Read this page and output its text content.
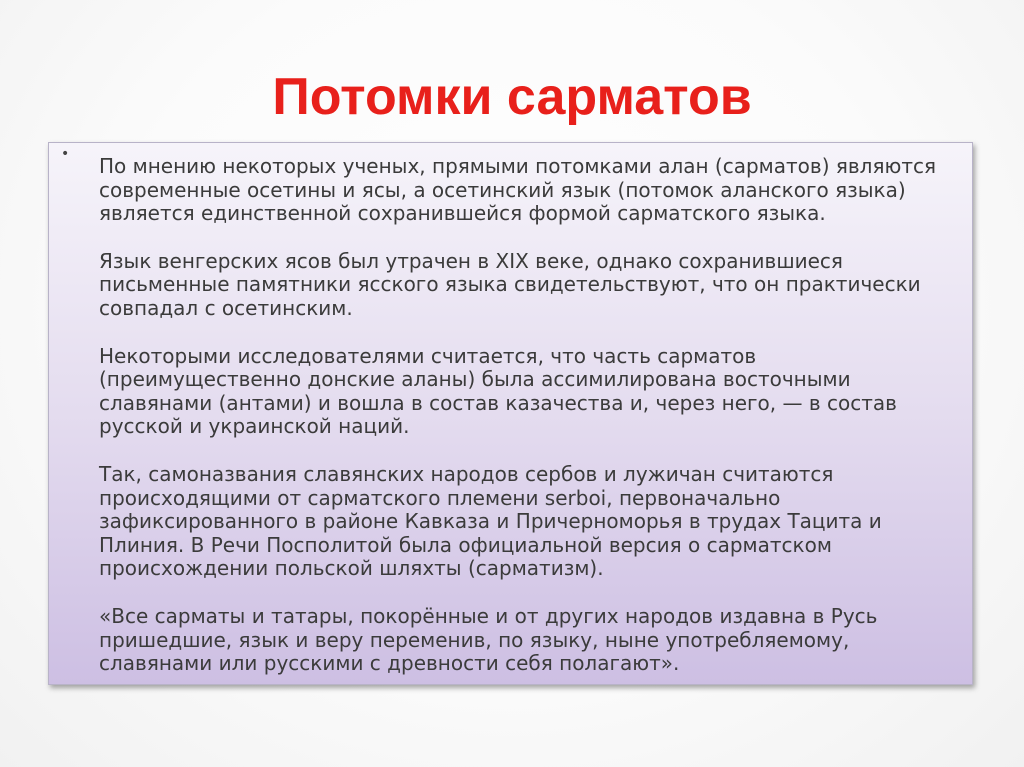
Потомки сарматов
• По мнению некоторых ученых, прямыми потомками алан (сарматов) являются современные осетины и ясы, а осетинский язык (потомок аланского языка) является единственной сохранившейся формой сарматского языка.

Язык венгерских ясов был утрачен в XIX веке, однако сохранившиеся письменные памятники ясского языка свидетельствуют, что он практически совпадал с осетинским.

Некоторыми исследователями считается, что часть сарматов (преимущественно донские аланы) была ассимилирована восточными славянами (антами) и вошла в состав казачества и, через него, — в состав русской и украинской наций.

Так, самоназвания славянских народов сербов и лужичан считаются происходящими от сарматского племени serboi, первоначально зафиксированного в районе Кавказа и Причерноморья в трудах Тацита и Плиния. В Речи Посполитой была официальной версия о сарматском происхождении польской шляхты (сарматизм).

«Все сарматы и татары, покорённые и от других народов издавна в Русь пришедшие, язык и веру переменив, по языку, ныне употребляемому, славянами или русскими с древности себя полагают».
